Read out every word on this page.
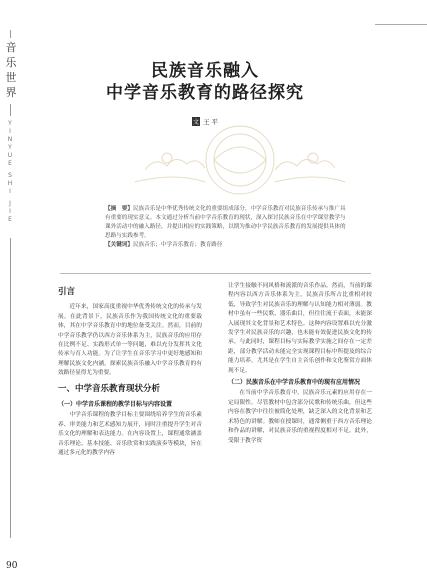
音
乐
世
界
Y
I
N
Y
U
E
S
H
I
J
I
E
民族音乐融入
中学音乐教育的路径探究
文 王 平

【摘　要】民族音乐是中华优秀传统文化的重要组成部分，中学音乐教育对民族音乐传承与推广具有重要的现实意义。本文通过分析当前中学音乐教育的现状，深入探讨民族音乐在中学课堂教学与课外活动中的融入路径，并提出相应的实践策略，以期为推动中学民族音乐教育的发展提供具体的思路与实践参考。

【关键词】民族音乐；中学音乐教育；教育路径

引言

近年来，国家高度重视中华优秀传统文化的传承与发展。在此背景下，民族音乐作为我国传统文化的重要载体，其在中学音乐教育中的地位备受关注。然而，目前的中学音乐教学仍以西方音乐体系为主，民族音乐的应用存在比例不足、实践形式单一等问题，难以充分发挥其文化传承与育人功能。为了让学生在音乐学习中更好地感知和理解民族文化内涵，探索民族音乐融入中学音乐教育的有效路径显得尤为重要。

一、中学音乐教育现状分析
（一）中学音乐课程的教学目标与内容设置

中学音乐课程的教学目标主要围绕培养学生的音乐素养、审美能力和艺术感知力展开，同时注重提升学生对音乐文化的理解和表达能力。在内容设置上，课程通常涵盖音乐理论、基本技能、音乐欣赏和实践演奏等模块，旨在通过多元化的教学内容

让学生接触不同风格和流派的音乐作品。然而，当前的课程内容以西方音乐体系为主，民族音乐所占比重相对较低，导致学生对民族音乐的理解与认知能力相对薄弱。教材中虽有一些民歌、器乐曲目，但往往流于表面，未能深入展现其文化背景和艺术特色。这种内容设置难以充分激发学生对民族音乐的兴趣，也未能有效促进民族文化的传承。与此同时，课程目标与实际教学实施之间存在一定差距，部分教学活动未能完全实现课程目标中所提及的综合能力培养，尤其是在学生自主音乐创作和文化鉴赏方面体现不足。

（二）民族音乐在中学音乐教育中的现有应用情况

在当前中学音乐教育中，民族音乐元素的应用存在一定局限性。尽管教材中包含部分民歌和传统乐曲，但这些内容在教学中往往被简化处理，缺乏深入的文化背景和艺术特色的讲解。教师在授课时，通常侧重于西方音乐理论和作品的讲解，对民族音乐的重视程度相对不足。此外，受限于教学资

90
